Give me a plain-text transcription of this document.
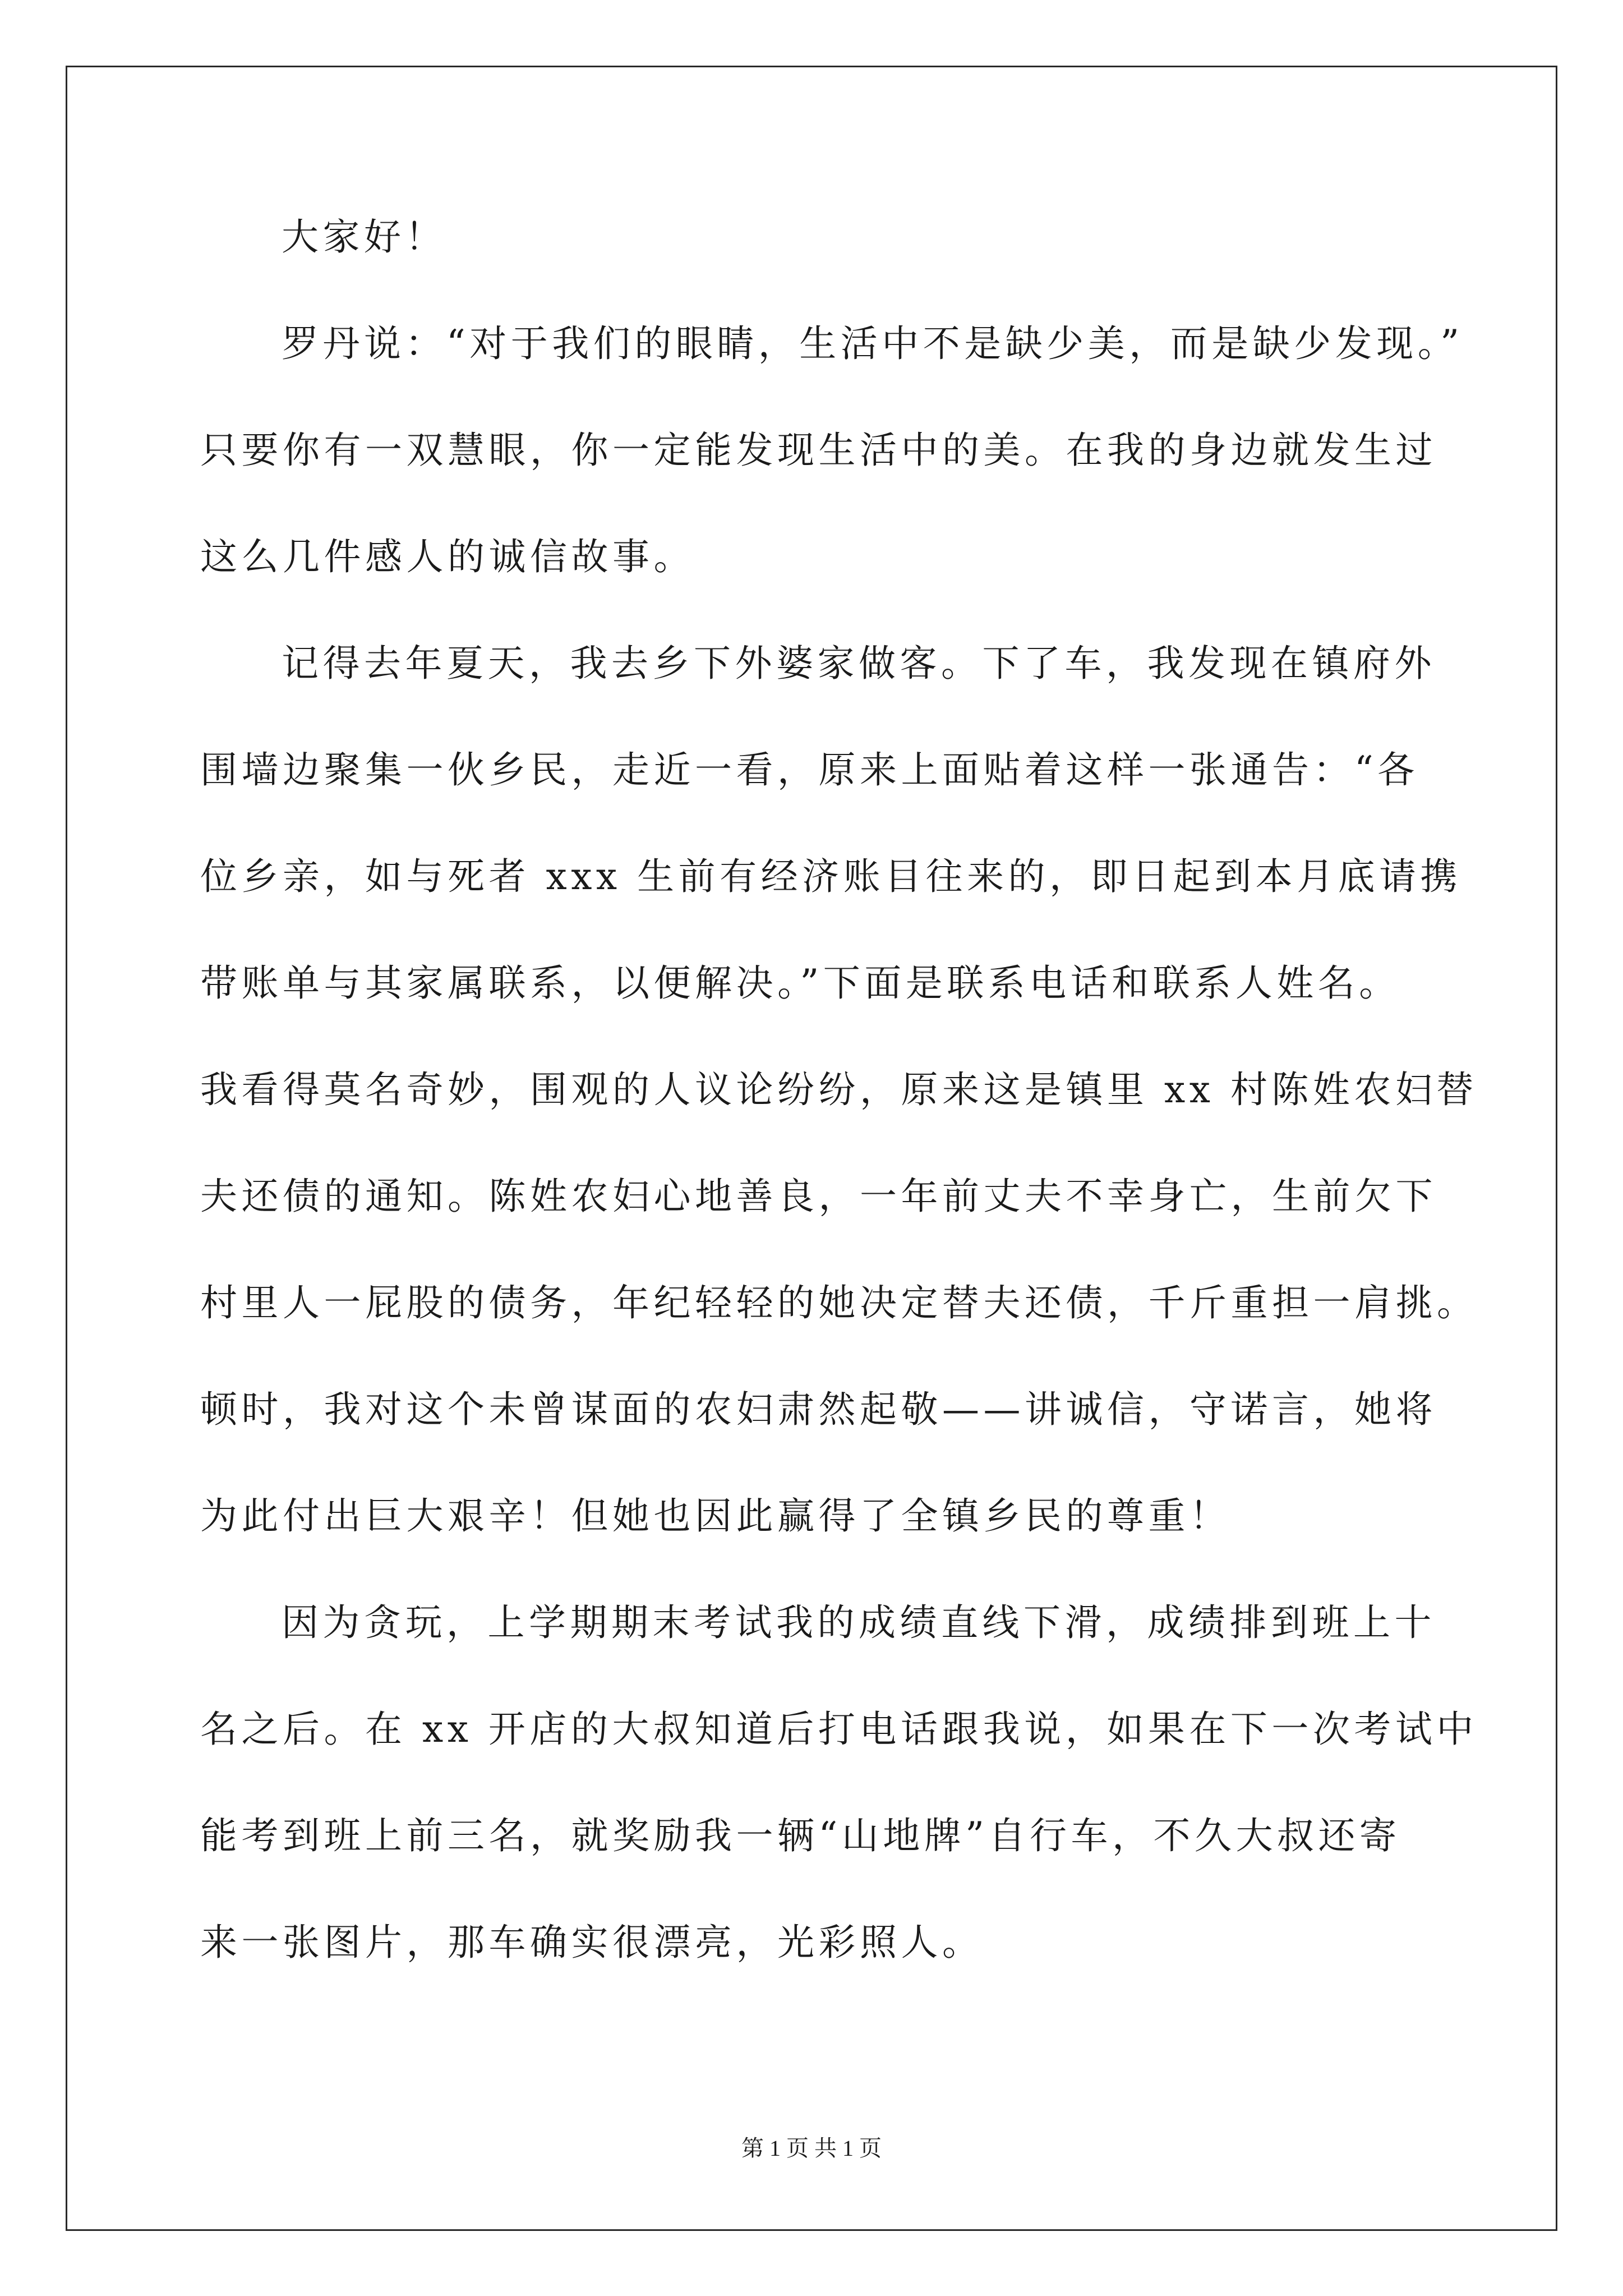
大家好！
罗丹说：“对于我们的眼睛，生活中不是缺少美，而是缺少发现。”
只要你有一双慧眼，你一定能发现生活中的美。在我的身边就发生过
这么几件感人的诚信故事。
记得去年夏天，我去乡下外婆家做客。下了车，我发现在镇府外
围墙边聚集一伙乡民，走近一看，原来上面贴着这样一张通告：“各
位乡亲，如与死者 xxx 生前有经济账目往来的，即日起到本月底请携
带账单与其家属联系，以便解决。”下面是联系电话和联系人姓名。
我看得莫名奇妙，围观的人议论纷纷，原来这是镇里 xx 村陈姓农妇替
夫还债的通知。陈姓农妇心地善良，一年前丈夫不幸身亡，生前欠下
村里人一屁股的债务，年纪轻轻的她决定替夫还债，千斤重担一肩挑。
顿时，我对这个未曾谋面的农妇肃然起敬——讲诚信，守诺言，她将
为此付出巨大艰辛！但她也因此赢得了全镇乡民的尊重！
因为贪玩，上学期期末考试我的成绩直线下滑，成绩排到班上十
名之后。在 xx 开店的大叔知道后打电话跟我说，如果在下一次考试中
能考到班上前三名，就奖励我一辆“山地牌”自行车，不久大叔还寄
来一张图片，那车确实很漂亮，光彩照人。
第 1 页 共 1 页
